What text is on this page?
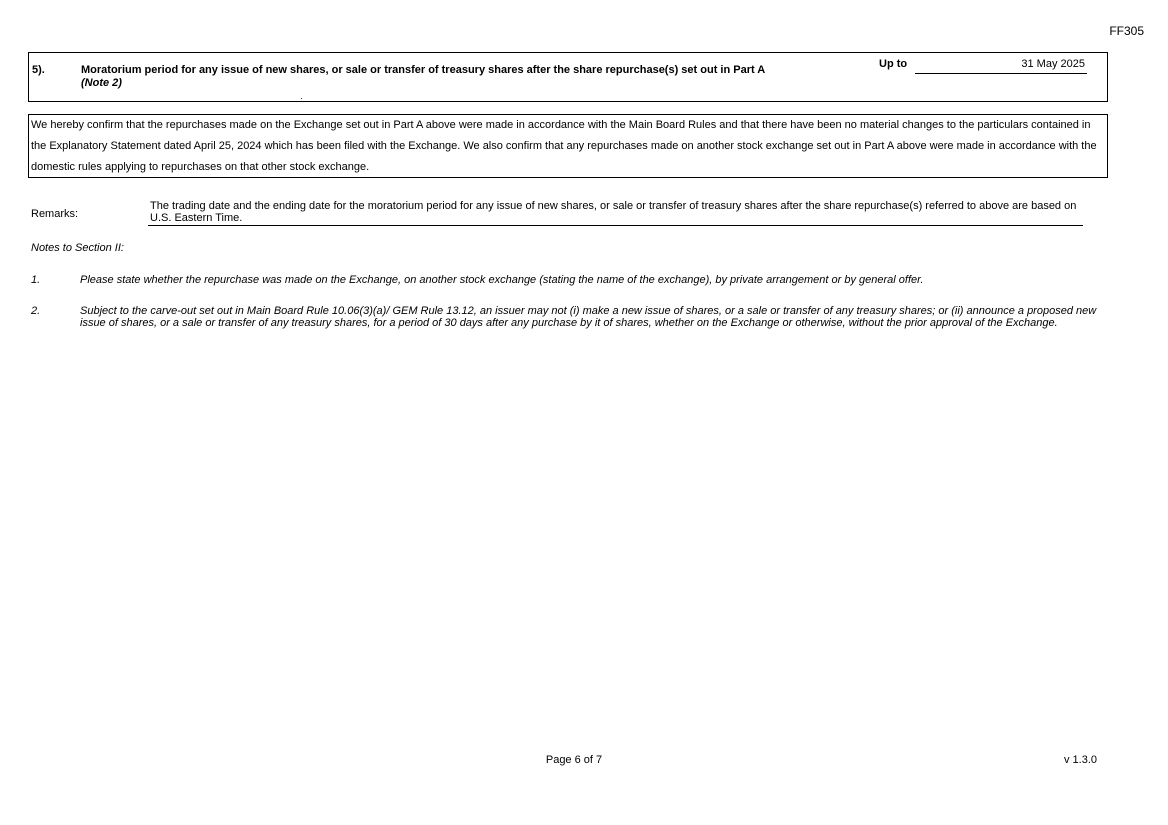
FF305
5).	Moratorium period for any issue of new shares, or sale or transfer of treasury shares after the share repurchase(s) set out in Part A
(Note 2)
Up to	31 May 2025
We hereby confirm that the repurchases made on the Exchange set out in Part A above were made in accordance with the Main Board Rules and that there have been no material changes to the particulars contained in the Explanatory Statement dated April 25, 2024 which has been filed with the Exchange. We also confirm that any repurchases made on another stock exchange set out in Part A above were made in accordance with the domestic rules applying to repurchases on that other stock exchange.
Remarks:
The trading date and the ending date for the moratorium period for any issue of new shares, or sale or transfer of treasury shares after the share repurchase(s) referred to above are based on U.S. Eastern Time.
Notes to Section II:
1.	Please state whether the repurchase was made on the Exchange, on another stock exchange (stating the name of the exchange), by private arrangement or by general offer.
2.	Subject to the carve-out set out in Main Board Rule 10.06(3)(a)/ GEM Rule 13.12, an issuer may not (i) make a new issue of shares, or a sale or transfer of any treasury shares; or (ii) announce a proposed new issue of shares, or a sale or transfer of any treasury shares, for a period of 30 days after any purchase by it of shares, whether on the Exchange or otherwise, without the prior approval of the Exchange.
Page 6 of 7	v 1.3.0
